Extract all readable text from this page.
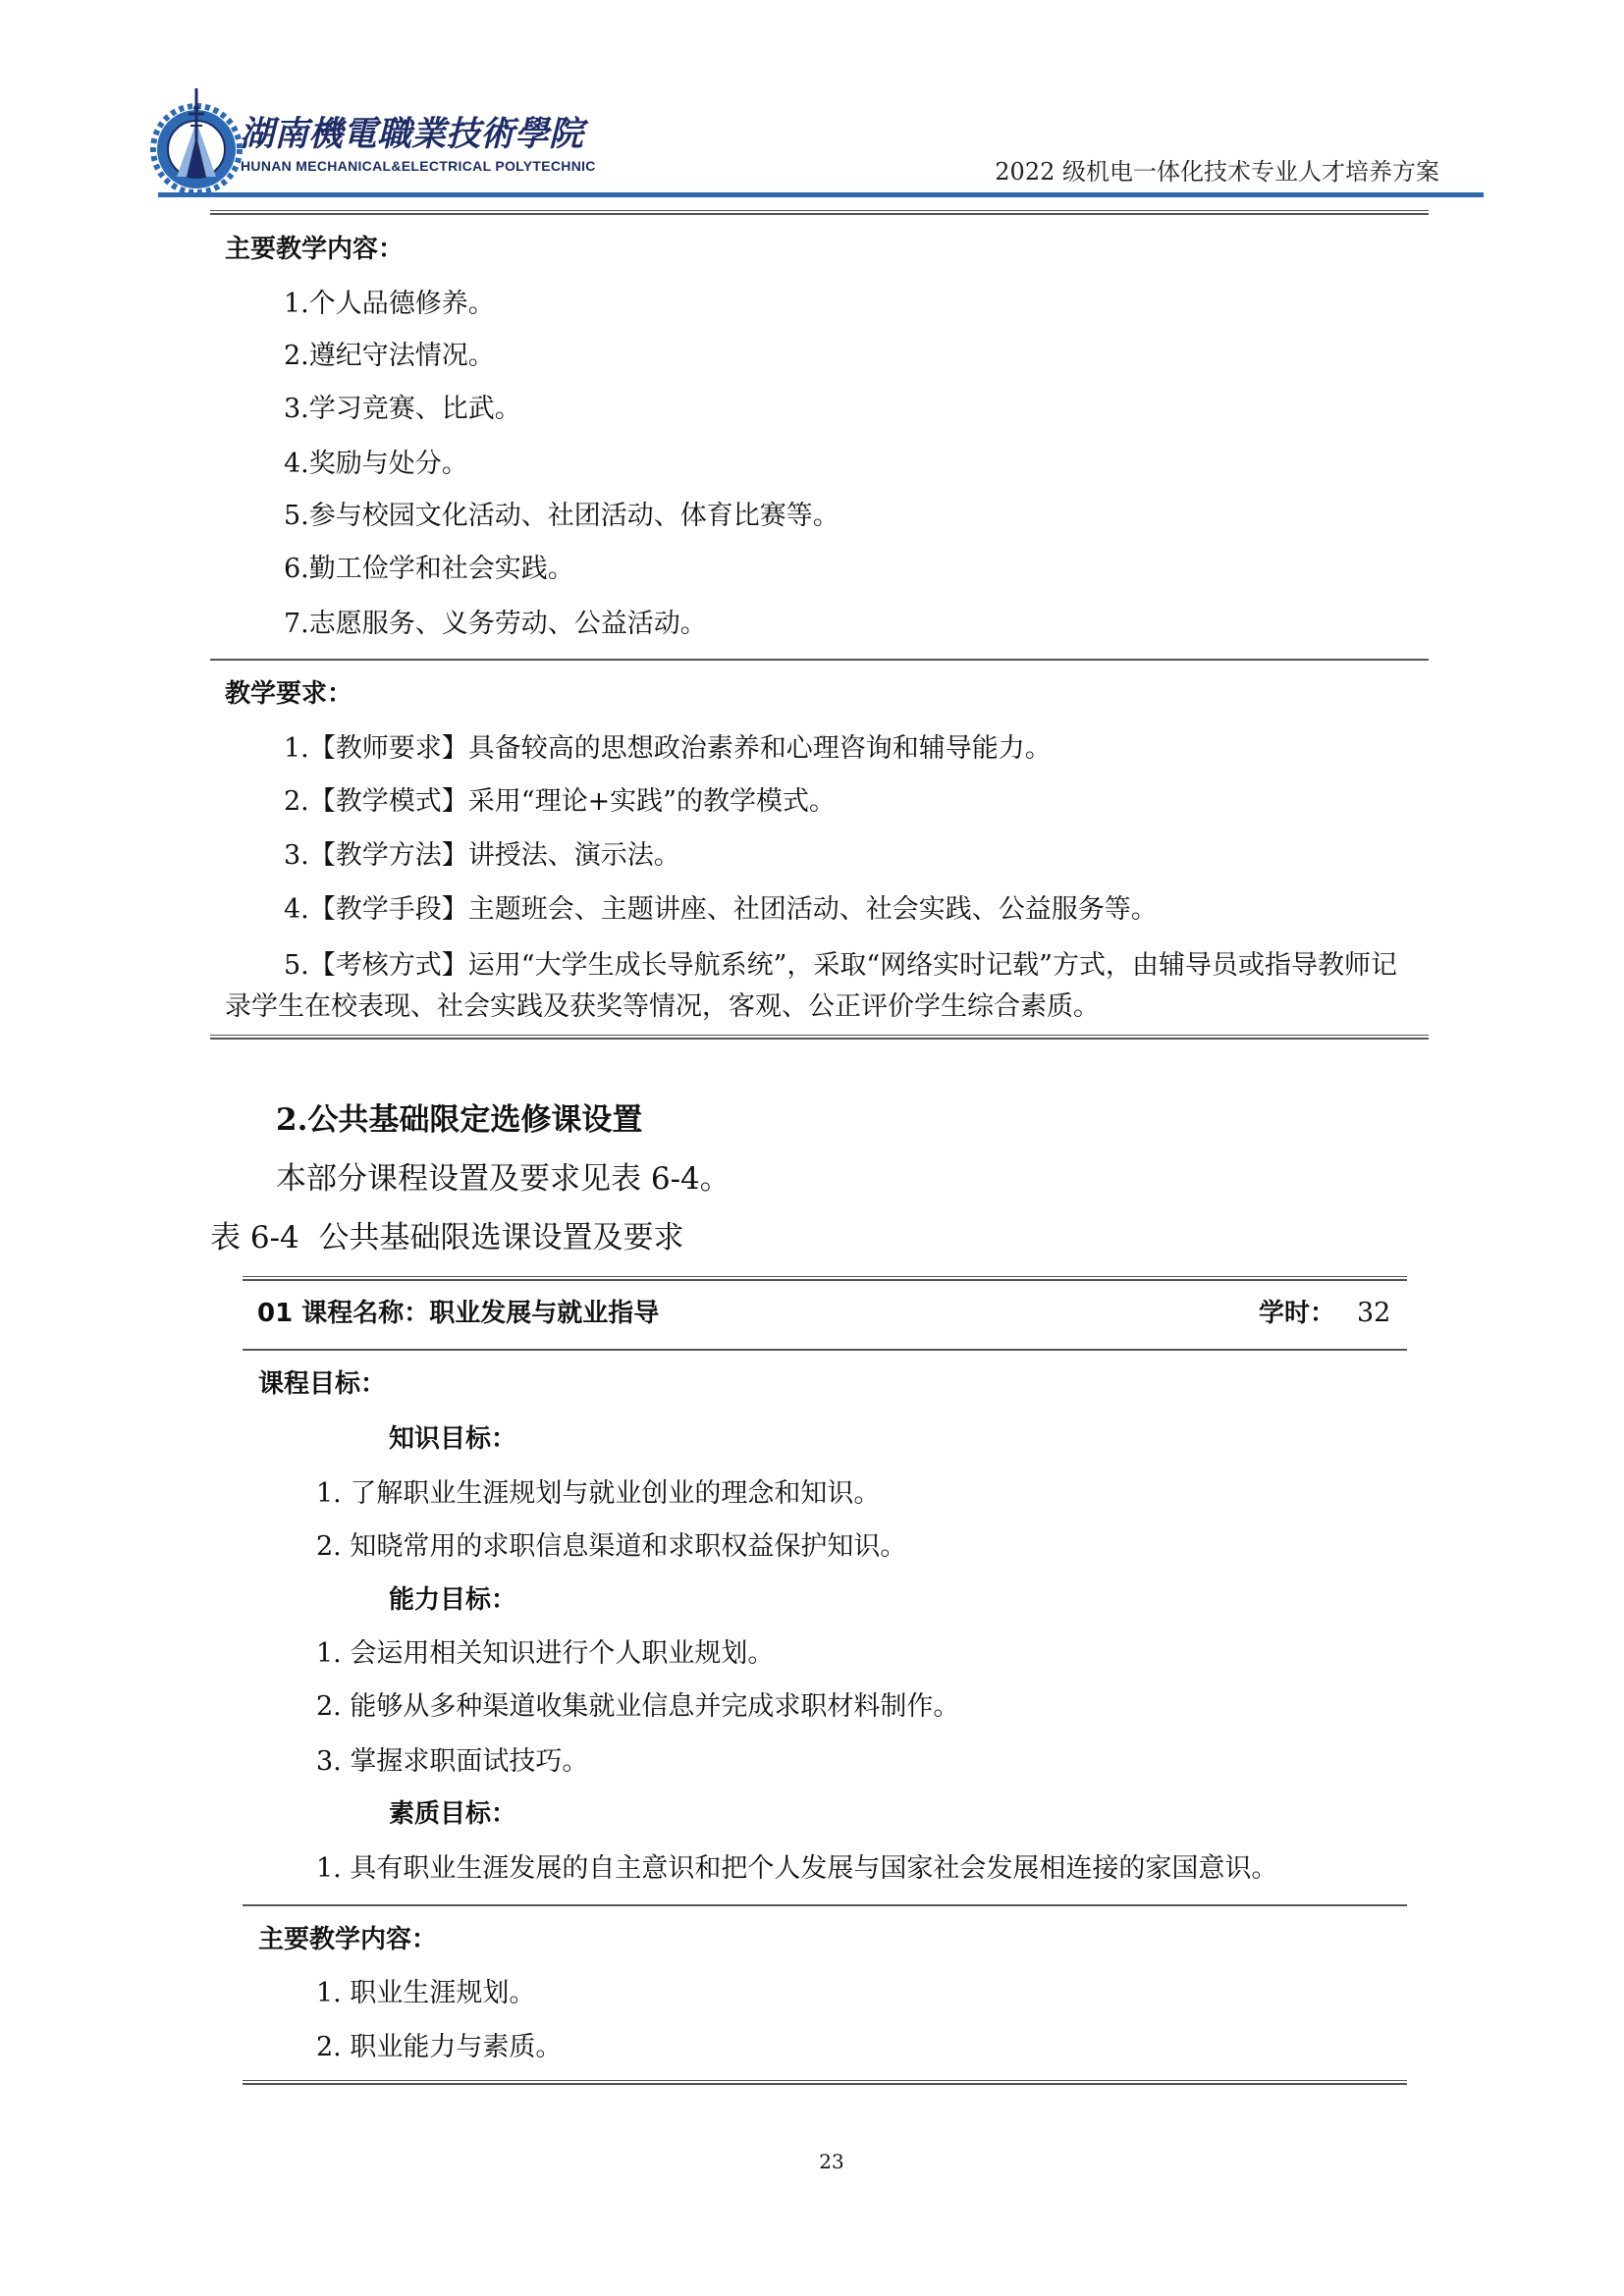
湖南機電職業技術學院
HUNAN MECHANICAL&ELECTRICAL POLYTECHNIC	2022 级机电一体化技术专业人才培养方案
主要教学内容：
1.个人品德修养。
2.遵纪守法情况。
3.学习竞赛、比武。
4.奖励与处分。
5.参与校园文化活动、社团活动、体育比赛等。
6.勤工俭学和社会实践。
7.志愿服务、义务劳动、公益活动。
教学要求：
1.【教师要求】具备较高的思想政治素养和心理咨询和辅导能力。
2.【教学模式】采用“理论+实践”的教学模式。
3.【教学方法】讲授法、演示法。
4.【教学手段】主题班会、主题讲座、社团活动、社会实践、公益服务等。
5.【考核方式】运用“大学生成长导航系统”，采取“网络实时记载”方式，由辅导员或指导教师记录学生在校表现、社会实践及获奖等情况，客观、公正评价学生综合素质。
2.公共基础限定选修课设置
本部分课程设置及要求见表 6-4。
表 6-4  公共基础限选课设置及要求
01 课程名称：职业发展与就业指导	学时： 32
课程目标：
知识目标：
1. 了解职业生涯规划与就业创业的理念和知识。
2. 知晓常用的求职信息渠道和求职权益保护知识。
能力目标：
1. 会运用相关知识进行个人职业规划。
2. 能够从多种渠道收集就业信息并完成求职材料制作。
3. 掌握求职面试技巧。
素质目标：
1. 具有职业生涯发展的自主意识和把个人发展与国家社会发展相连接的家国意识。
主要教学内容：
1. 职业生涯规划。
2. 职业能力与素质。
23
